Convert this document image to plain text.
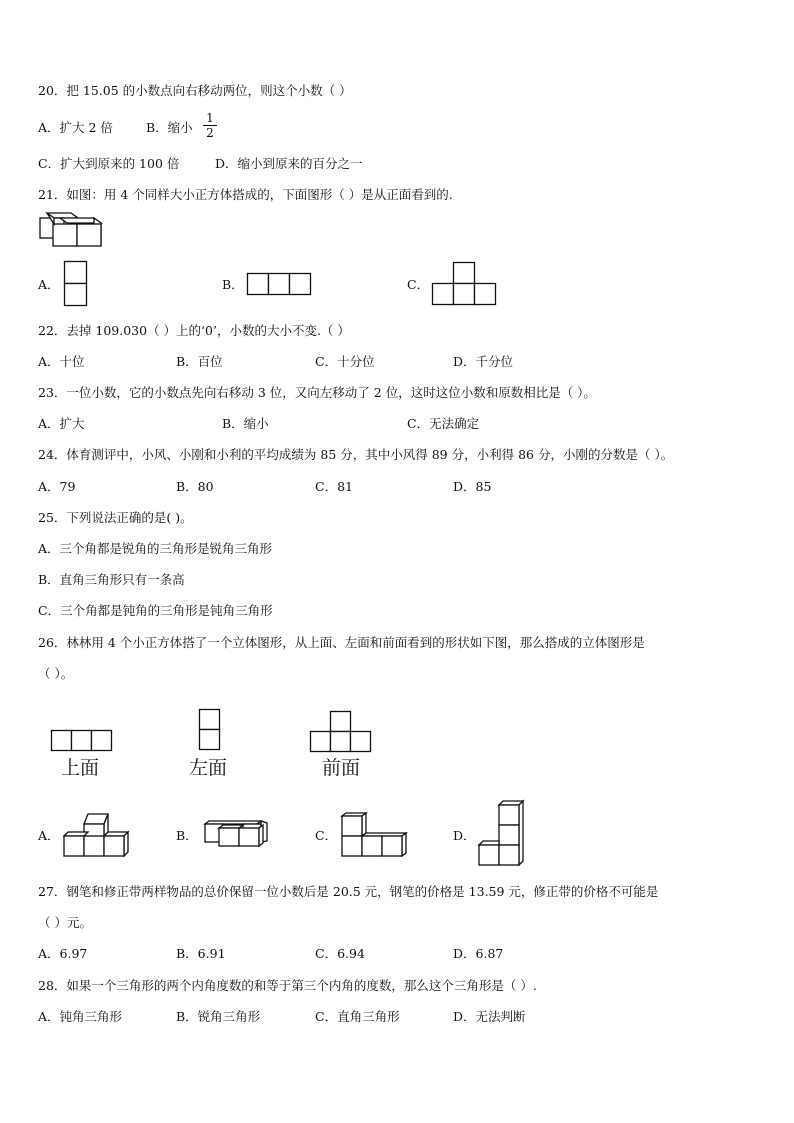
20．把 15.05 的小数点向右移动两位，则这个小数（ ）
A．扩大 2 倍	B．缩小
1
2
C．扩大到原来的 100 倍	D．缩小到原来的百分之一
21．如图：用 4 个同样大小正方体搭成的，下面图形（ ）是从正面看到的.
A．	B．	C．
22．去掉 109.030（ ）上的‘0’，小数的大小不变.（ ）
A．十位	B．百位	C．十分位	D．千分位
23．一位小数，它的小数点先向右移动 3 位，又向左移动了 2 位，这时这位小数和原数相比是（ ）。
A．扩大	B．缩小	C．无法确定
24．体育测评中，小风、小刚和小利的平均成绩为 85 分，其中小风得 89 分，小利得 86 分，小刚的分数是（ ）。
A．79	B．80	C．81	D．85
25．下列说法正确的是( )。
A．三个角都是锐角的三角形是锐角三角形
B．直角三角形只有一条高
C．三个角都是钝角的三角形是钝角三角形
26．林林用 4 个小正方体搭了一个立体图形，从上面、左面和前面看到的形状如下图，那么搭成的立体图形是
（ ）。
上面	左面	前面
A．	B．	C．	D．
27．钢笔和修正带两样物品的总价保留一位小数后是 20.5 元，钢笔的价格是 13.59 元，修正带的价格不可能是
（ ）元。
A．6.97	B．6.91	C．6.94	D．6.87
28．如果一个三角形的两个内角度数的和等于第三个内角的度数，那么这个三角形是（ ）.
A．钝角三角形	B．锐角三角形	C．直角三角形	D．无法判断
